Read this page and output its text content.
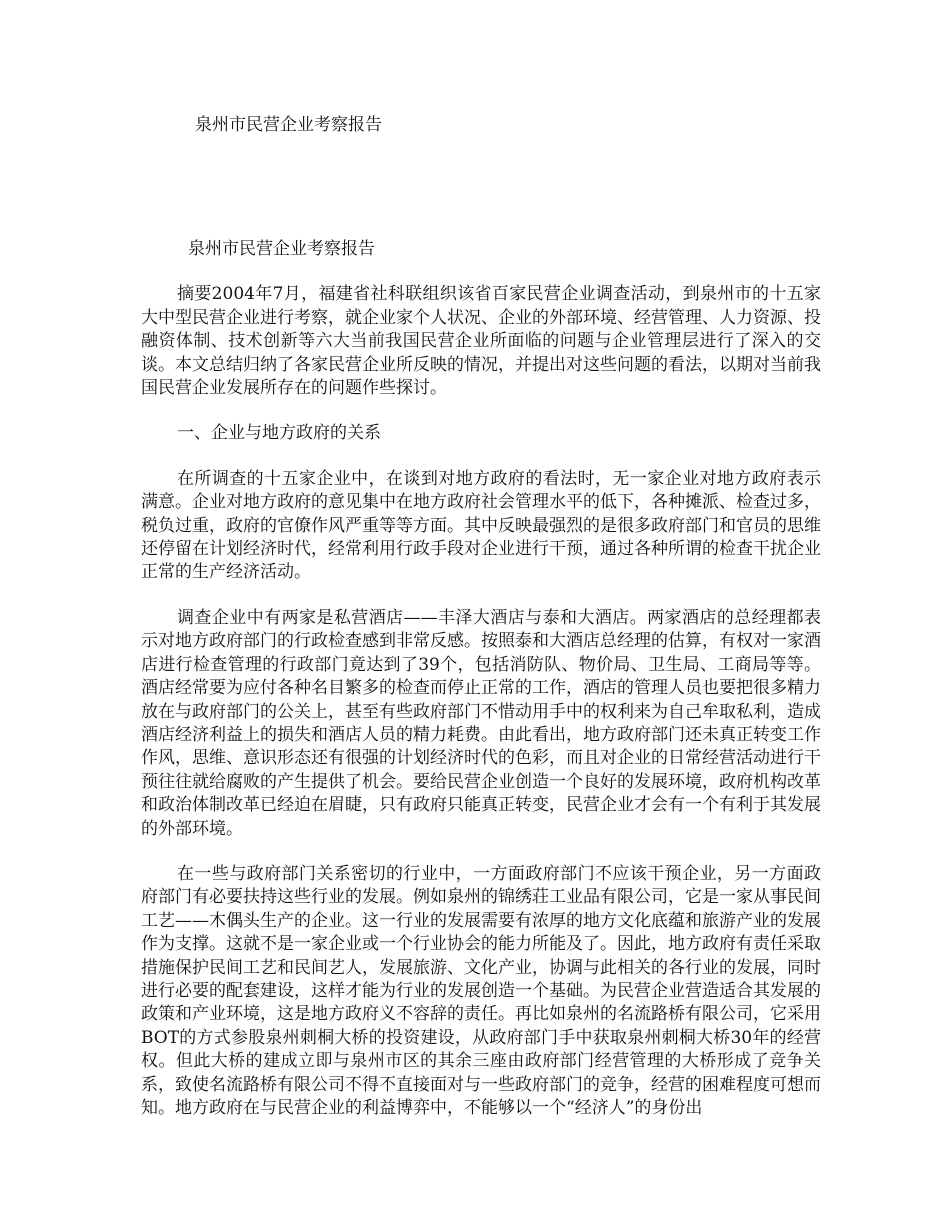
泉州市民营企业考察报告
泉州市民营企业考察报告

摘要2004年7月，福建省社科联组织该省百家民营企业调查活动，到泉州市的十五家大中型民营企业进行考察，就企业家个人状况、企业的外部环境、经营管理、人力资源、投融资体制、技术创新等六大当前我国民营企业所面临的问题与企业管理层进行了深入的交谈。本文总结归纳了各家民营企业所反映的情况，并提出对这些问题的看法，以期对当前我国民营企业发展所存在的问题作些探讨。

一、企业与地方政府的关系

在所调查的十五家企业中，在谈到对地方政府的看法时，无一家企业对地方政府表示满意。企业对地方政府的意见集中在地方政府社会管理水平的低下，各种摊派、检查过多，税负过重，政府的官僚作风严重等等方面。其中反映最强烈的是很多政府部门和官员的思维还停留在计划经济时代，经常利用行政手段对企业进行干预，通过各种所谓的检查干扰企业正常的生产经济活动。

调查企业中有两家是私营酒店——丰泽大酒店与泰和大酒店。两家酒店的总经理都表示对地方政府部门的行政检查感到非常反感。按照泰和大酒店总经理的估算，有权对一家酒店进行检查管理的行政部门竟达到了39个，包括消防队、物价局、卫生局、工商局等等。酒店经常要为应付各种名目繁多的检查而停止正常的工作，酒店的管理人员也要把很多精力放在与政府部门的公关上，甚至有些政府部门不惜动用手中的权利来为自己牟取私利，造成酒店经济利益上的损失和酒店人员的精力耗费。由此看出，地方政府部门还未真正转变工作作风，思维、意识形态还有很强的计划经济时代的色彩，而且对企业的日常经营活动进行干预往往就给腐败的产生提供了机会。要给民营企业创造一个良好的发展环境，政府机构改革和政治体制改革已经迫在眉睫，只有政府只能真正转变，民营企业才会有一个有利于其发展的外部环境。

在一些与政府部门关系密切的行业中，一方面政府部门不应该干预企业，另一方面政府部门有必要扶持这些行业的发展。例如泉州的锦绣荘工业品有限公司，它是一家从事民间工艺——木偶头生产的企业。这一行业的发展需要有浓厚的地方文化底蕴和旅游产业的发展作为支撑。这就不是一家企业或一个行业协会的能力所能及了。因此，地方政府有责任采取措施保护民间工艺和民间艺人，发展旅游、文化产业，协调与此相关的各行业的发展，同时进行必要的配套建设，这样才能为行业的发展创造一个基础。为民营企业营造适合其发展的政策和产业环境，这是地方政府义不容辞的责任。再比如泉州的名流路桥有限公司，它采用BOT的方式参股泉州刺桐大桥的投资建设，从政府部门手中获取泉州刺桐大桥30年的经营权。但此大桥的建成立即与泉州市区的其余三座由政府部门经营管理的大桥形成了竞争关系，致使名流路桥有限公司不得不直接面对与一些政府部门的竞争，经营的困难程度可想而知。地方政府在与民营企业的利益博弈中，不能够以一个“经济人”的身份出
